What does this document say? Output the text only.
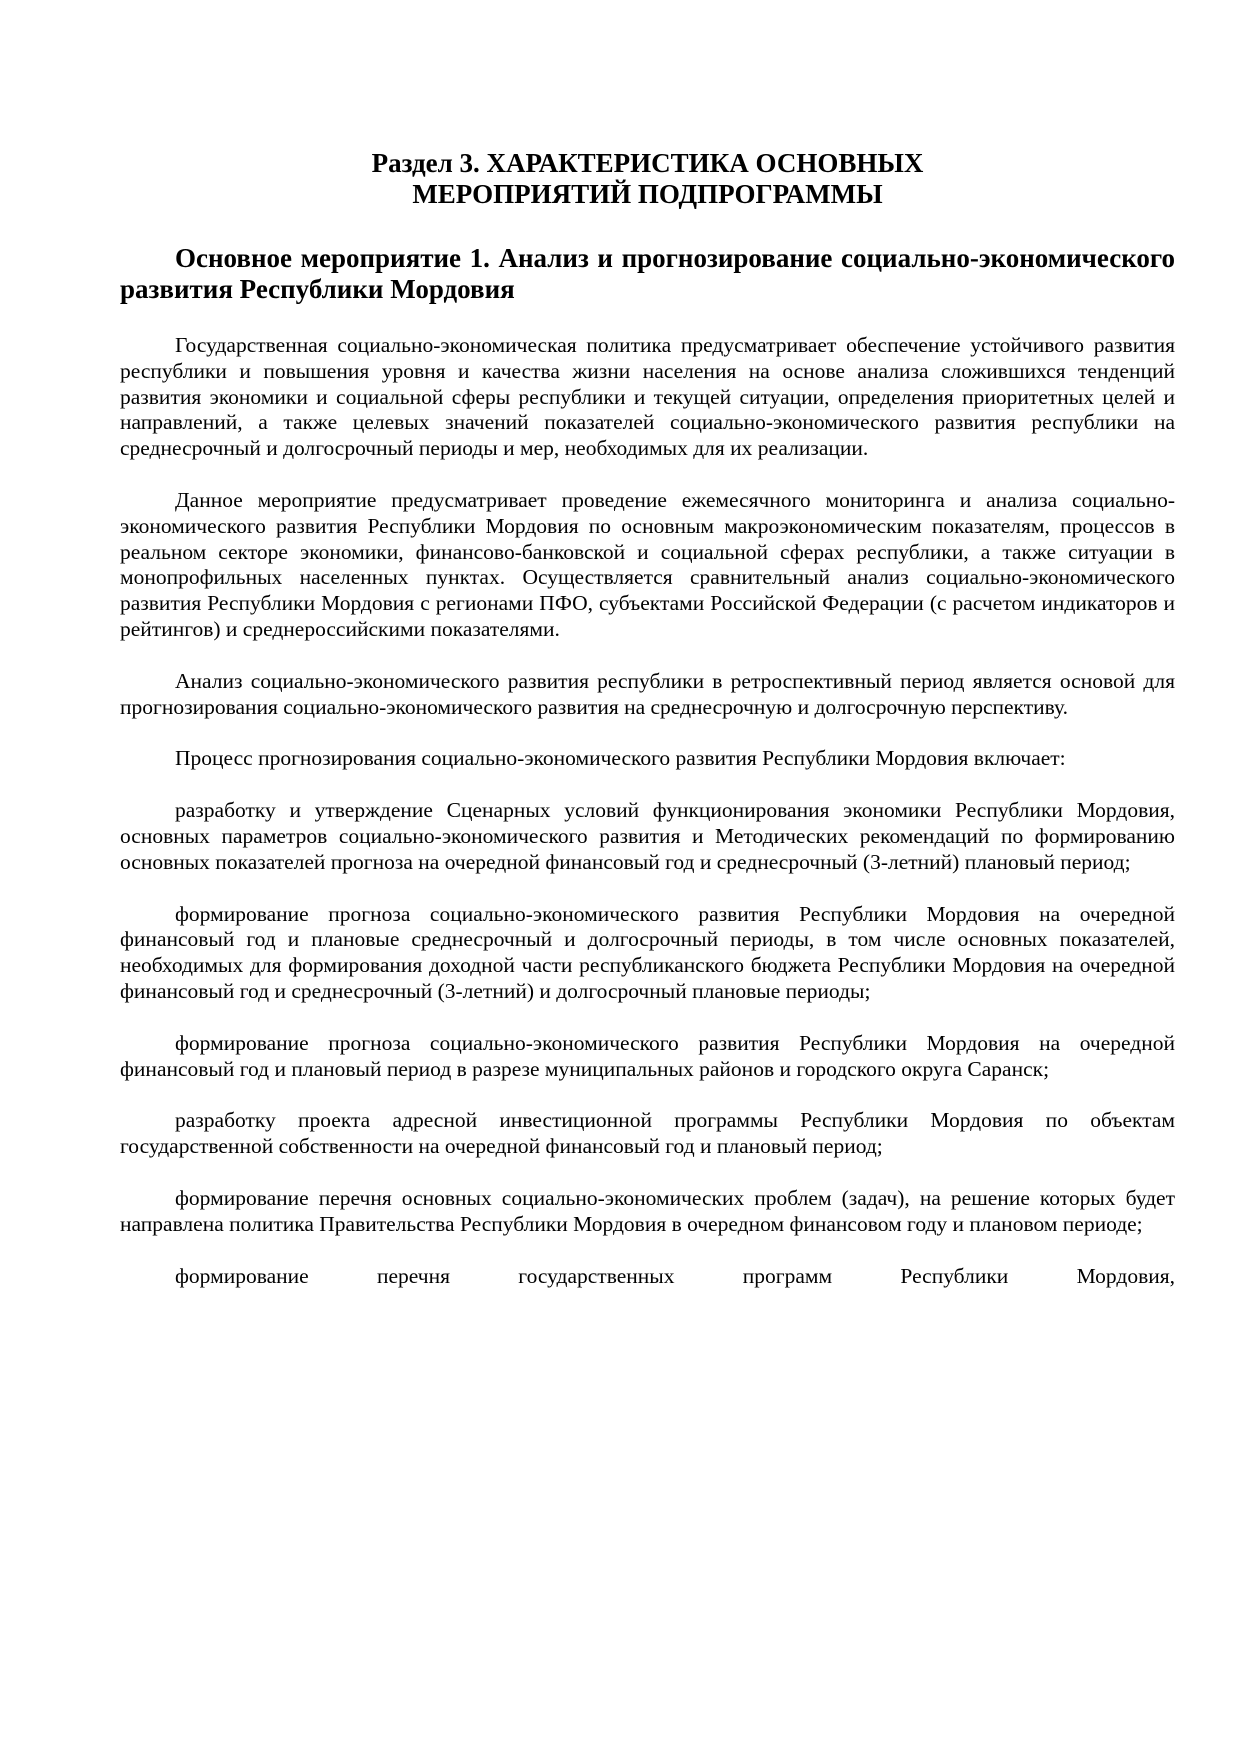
Раздел 3. ХАРАКТЕРИСТИКА ОСНОВНЫХ
МЕРОПРИЯТИЙ ПОДПРОГРАММЫ
Основное мероприятие 1. Анализ и прогнозирование социально-экономического развития Республики Мордовия

Государственная социально-экономическая политика предусматривает обеспечение устойчивого развития республики и повышения уровня и качества жизни населения на основе анализа сложившихся тенденций развития экономики и социальной сферы республики и текущей ситуации, определения приоритетных целей и направлений, а также целевых значений показателей социально-экономического развития республики на среднесрочный и долгосрочный периоды и мер, необходимых для их реализации.

Данное мероприятие предусматривает проведение ежемесячного мониторинга и анализа социально-экономического развития Республики Мордовия по основным макроэкономическим показателям, процессов в реальном секторе экономики, финансово-банковской и социальной сферах республики, а также ситуации в монопрофильных населенных пунктах. Осуществляется сравнительный анализ социально-экономического развития Республики Мордовия с регионами ПФО, субъектами Российской Федерации (с расчетом индикаторов и рейтингов) и среднероссийскими показателями.

Анализ социально-экономического развития республики в ретроспективный период является основой для прогнозирования социально-экономического развития на среднесрочную и долгосрочную перспективу.

Процесс прогнозирования социально-экономического развития Республики Мордовия включает:

разработку и утверждение Сценарных условий функционирования экономики Республики Мордовия, основных параметров социально-экономического развития и Методических рекомендаций по формированию основных показателей прогноза на очередной финансовый год и среднесрочный (3-летний) плановый период;

формирование прогноза социально-экономического развития Республики Мордовия на очередной финансовый год и плановые среднесрочный и долгосрочный периоды, в том числе основных показателей, необходимых для формирования доходной части республиканского бюджета Республики Мордовия на очередной финансовый год и среднесрочный (3-летний) и долгосрочный плановые периоды;

формирование прогноза социально-экономического развития Республики Мордовия на очередной финансовый год и плановый период в разрезе муниципальных районов и городского округа Саранск;

разработку проекта адресной инвестиционной программы Республики Мордовия по объектам государственной собственности на очередной финансовый год и плановый период;

формирование перечня основных социально-экономических проблем (задач), на решение которых будет направлена политика Правительства Республики Мордовия в очередном финансовом году и плановом периоде;

формирование перечня государственных программ Республики Мордовия,
